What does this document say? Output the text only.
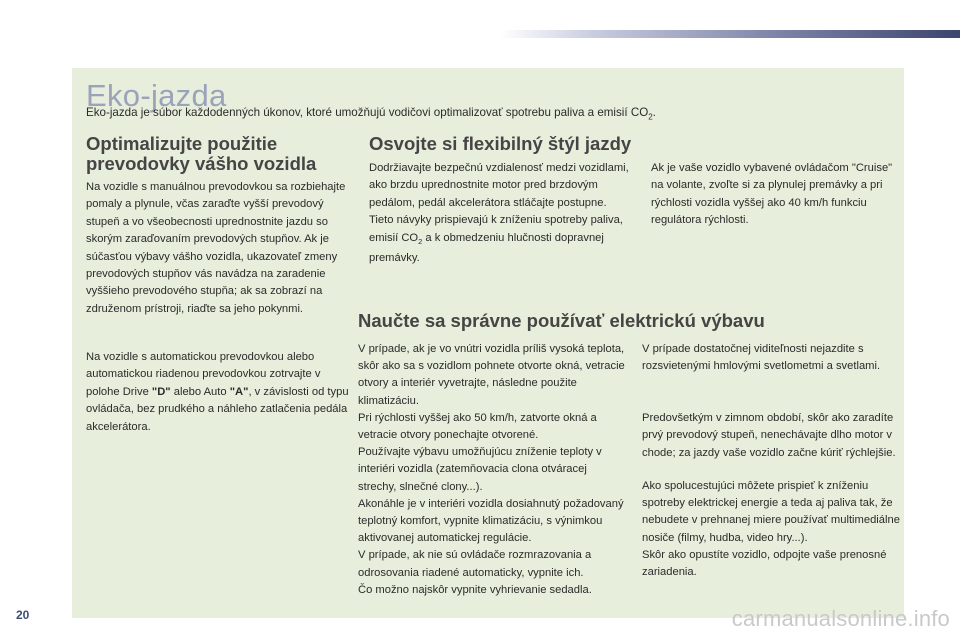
Eko-jazda
Eko-jazda je súbor každodenných úkonov, ktoré umožňujú vodičovi optimalizovať spotrebu paliva a emisií $CO_2$.
Optimalizujte použitie prevodovky vášho vozidla

Na vozidle s manuálnou prevodovkou sa rozbiehajte pomaly a plynule, včas zaraďte vyšší prevodový stupeň a vo všeobecnosti uprednostnite jazdu so skorým zaraďovaním prevodových stupňov. Ak je súčasťou výbavy vášho vozidla, ukazovateľ zmeny prevodových stupňov vás navádza na zaradenie vyššieho prevodového stupňa; ak sa zobrazí na združenom prístroji, riaďte sa jeho pokynmi.

Na vozidle s automatickou prevodovkou alebo automatickou riadenou prevodovkou zotrvajte v polohe Drive "D" alebo Auto "A", v závislosti od typu ovládača, bez prudkého a náhleho zatlačenia pedála akcelerátora.

Osvojte si flexibilný štýl jazdy

Dodržiavajte bezpečnú vzdialenosť medzi vozidlami, ako brzdu uprednostnite motor pred brzdovým pedálom, pedál akcelerátora stláčajte postupne. Tieto návyky prispievajú k zníženiu spotreby paliva, emisií $CO_2$ a k obmedzeniu hlučnosti dopravnej premávky.

Ak je vaše vozidlo vybavené ovládačom "Cruise" na volante, zvoľte si za plynulej premávky a pri rýchlosti vozidla vyššej ako 40 km/h funkciu regulátora rýchlosti.

Naučte sa správne používať elektrickú výbavu

V prípade, ak je vo vnútri vozidla príliš vysoká teplota, skôr ako sa s vozidlom pohnete otvorte okná, vetracie otvory a interiér vyvetrajte, následne použite klimatizáciu.
Pri rýchlosti vyššej ako 50 km/h, zatvorte okná a vetracie otvory ponechajte otvorené.
Používajte výbavu umožňujúcu zníženie teploty v interiéri vozidla (zatemňovacia clona otváracej strechy, slnečné clony...).
Akonáhle je v interiéri vozidla dosiahnutý požadovaný teplotný komfort, vypnite klimatizáciu, s výnimkou aktivovanej automatickej regulácie.
V prípade, ak nie sú ovládače rozmrazovania a odrosovania riadené automaticky, vypnite ich.
Čo možno najskôr vypnite vyhrievanie sedadla.

V prípade dostatočnej viditeľnosti nejazdite s rozsvietenými hmlovými svetlometmi a svetlami.

Predovšetkým v zimnom období, skôr ako zaradíte prvý prevodový stupeň, nenechávajte dlho motor v chode; za jazdy vaše vozidlo začne kúriť rýchlejšie.

Ako spolucestujúci môžete prispieť k zníženiu spotreby elektrickej energie a teda aj paliva tak, že nebudete v prehnanej miere používať multimediálne nosiče (filmy, hudba, video hry...).
Skôr ako opustíte vozidlo, odpojte vaše prenosné zariadenia.

20	carmanualsonline.info
